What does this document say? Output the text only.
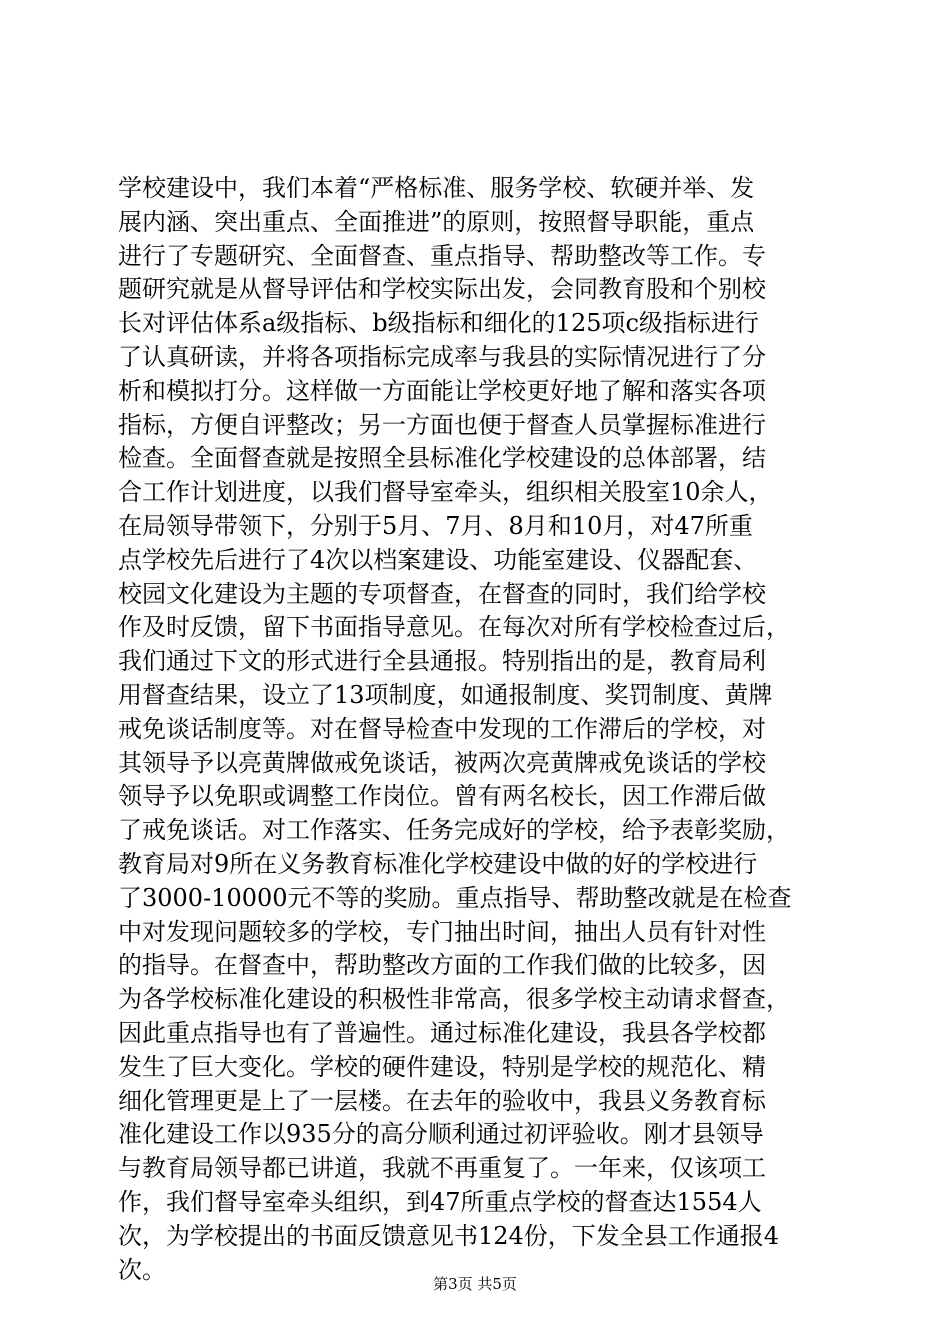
学校建设中，我们本着“严格标准、服务学校、软硬并举、发
展内涵、突出重点、全面推进”的原则，按照督导职能，重点
进行了专题研究、全面督查、重点指导、帮助整改等工作。专
题研究就是从督导评估和学校实际出发，会同教育股和个别校
长对评估体系a级指标、b级指标和细化的125项c级指标进行
了认真研读，并将各项指标完成率与我县的实际情况进行了分
析和模拟打分。这样做一方面能让学校更好地了解和落实各项
指标，方便自评整改；另一方面也便于督查人员掌握标准进行
检查。全面督查就是按照全县标准化学校建设的总体部署，结
合工作计划进度，以我们督导室牵头，组织相关股室10余人，
在局领导带领下，分别于5月、7月、8月和10月，对47所重
点学校先后进行了4次以档案建设、功能室建设、仪器配套、
校园文化建设为主题的专项督查，在督查的同时，我们给学校
作及时反馈，留下书面指导意见。在每次对所有学校检查过后，
我们通过下文的形式进行全县通报。特别指出的是，教育局利
用督查结果，设立了13项制度，如通报制度、奖罚制度、黄牌
戒免谈话制度等。对在督导检查中发现的工作滞后的学校，对
其领导予以亮黄牌做戒免谈话，被两次亮黄牌戒免谈话的学校
领导予以免职或调整工作岗位。曾有两名校长，因工作滞后做
了戒免谈话。对工作落实、任务完成好的学校，给予表彰奖励，
教育局对9所在义务教育标准化学校建设中做的好的学校进行
了3000-10000元不等的奖励。重点指导、帮助整改就是在检查
中对发现问题较多的学校，专门抽出时间，抽出人员有针对性
的指导。在督查中，帮助整改方面的工作我们做的比较多，因
为各学校标准化建设的积极性非常高，很多学校主动请求督查，
因此重点指导也有了普遍性。通过标准化建设，我县各学校都
发生了巨大变化。学校的硬件建设，特别是学校的规范化、精
细化管理更是上了一层楼。在去年的验收中，我县义务教育标
准化建设工作以935分的高分顺利通过初评验收。刚才县领导
与教育局领导都已讲道，我就不再重复了。一年来，仅该项工
作，我们督导室牵头组织，到47所重点学校的督查达1554人
次，为学校提出的书面反馈意见书124份，下发全县工作通报4
次。
第3页 共5页
